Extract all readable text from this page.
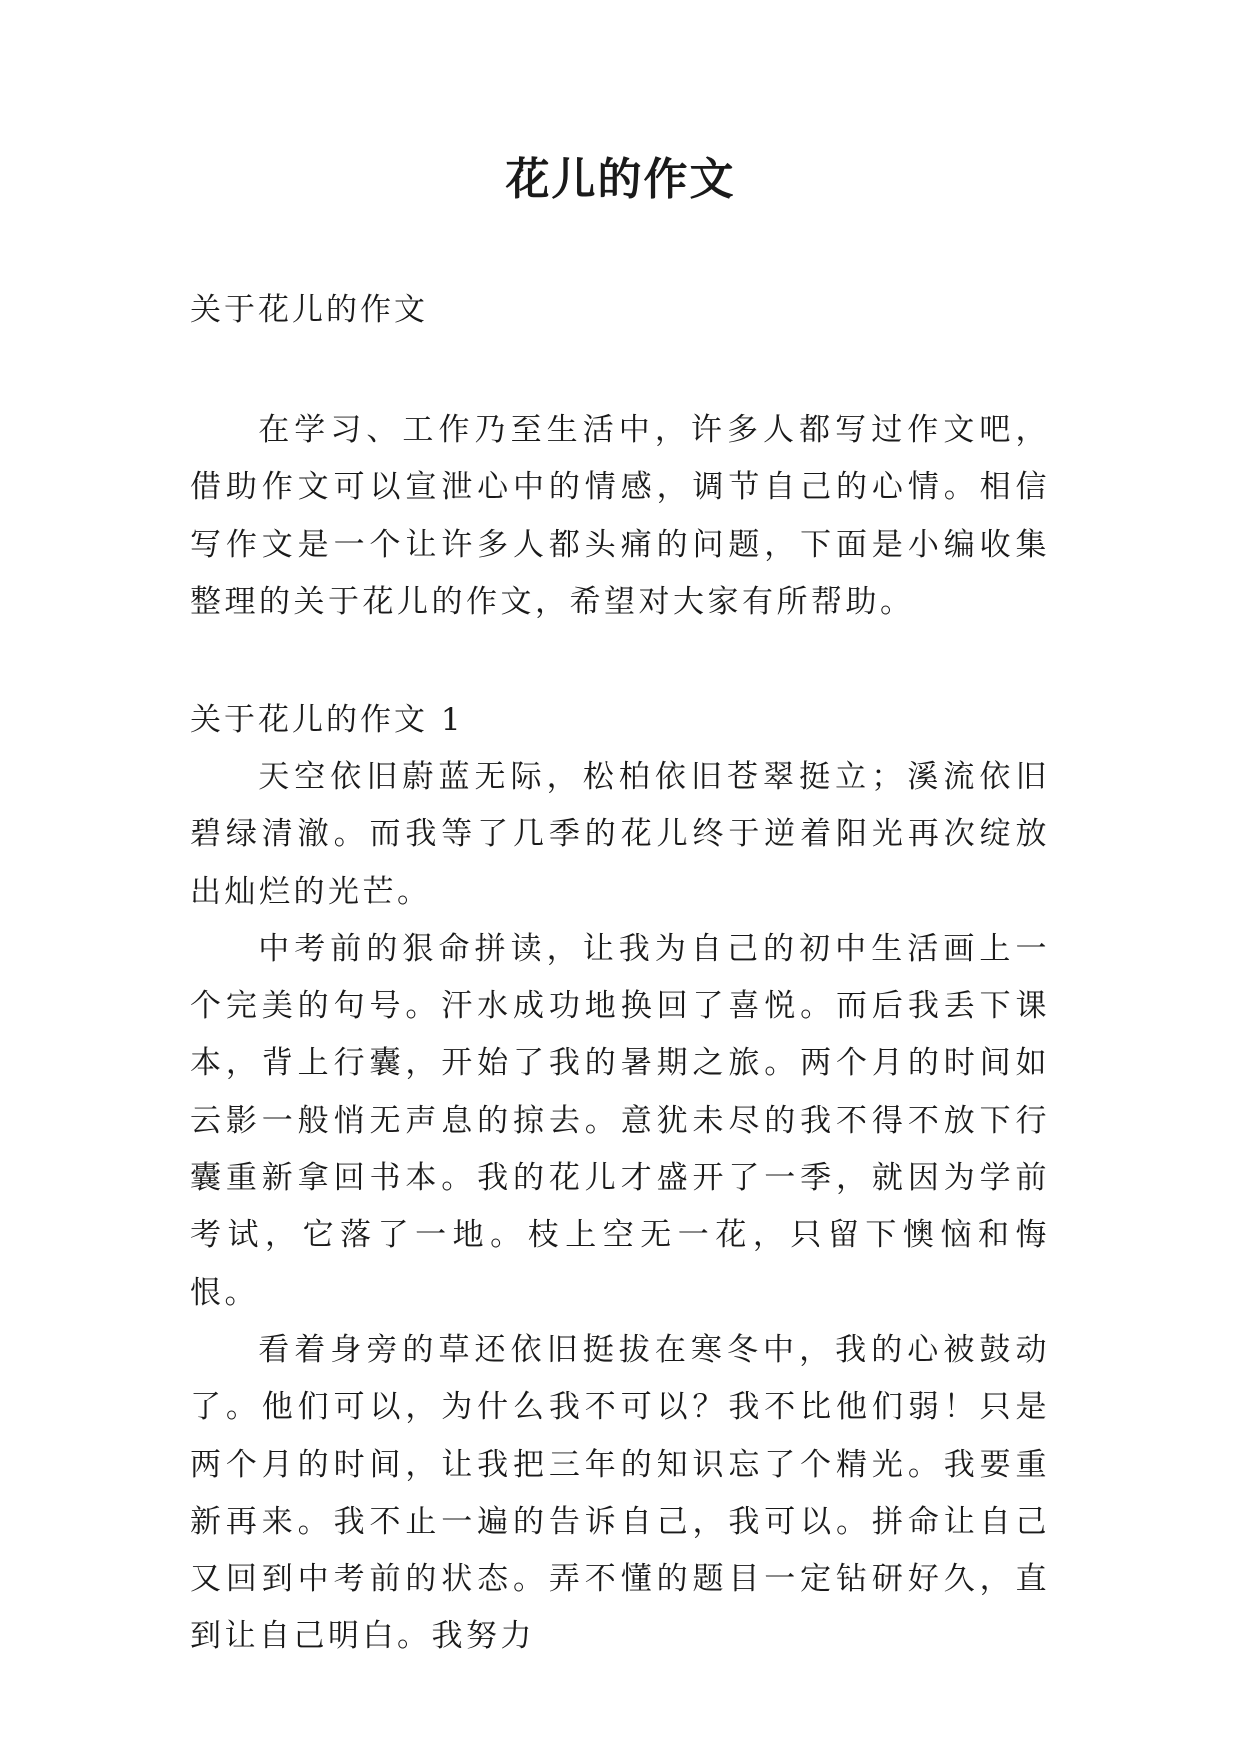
花儿的作文
关于花儿的作文

在学习、工作乃至生活中，许多人都写过作文吧，借助作文可以宣泄心中的情感，调节自己的心情。相信写作文是一个让许多人都头痛的问题，下面是小编收集整理的关于花儿的作文，希望对大家有所帮助。

关于花儿的作文 1

天空依旧蔚蓝无际，松柏依旧苍翠挺立；溪流依旧碧绿清澈。而我等了几季的花儿终于逆着阳光再次绽放出灿烂的光芒。

中考前的狠命拼读，让我为自己的初中生活画上一个完美的句号。汗水成功地换回了喜悦。而后我丢下课本，背上行囊，开始了我的暑期之旅。两个月的时间如云影一般悄无声息的掠去。意犹未尽的我不得不放下行囊重新拿回书本。我的花儿才盛开了一季，就因为学前考试，它落了一地。枝上空无一花，只留下懊恼和悔恨。

看着身旁的草还依旧挺拔在寒冬中，我的心被鼓动了。他们可以，为什么我不可以？我不比他们弱！只是两个月的时间，让我把三年的知识忘了个精光。我要重新再来。我不止一遍的告诉自己，我可以。拼命让自己又回到中考前的状态。弄不懂的题目一定钻研好久，直到让自己明白。我努力
